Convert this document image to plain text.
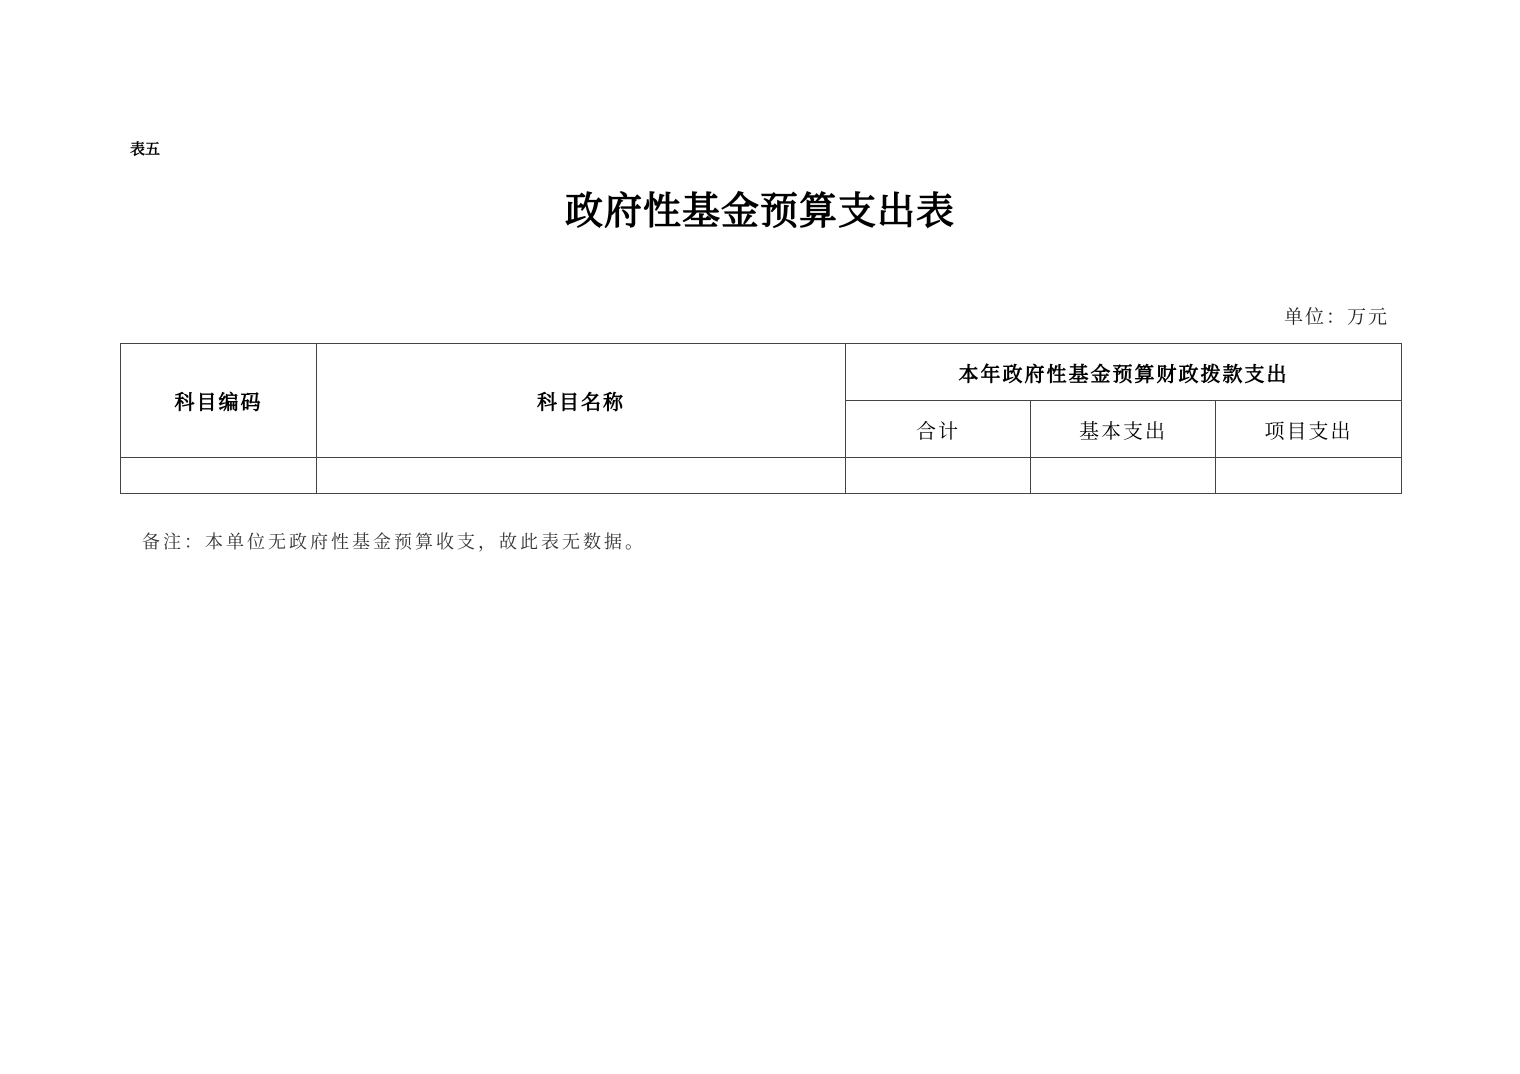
表五
政府性基金预算支出表
单位：万元
科目编码	科目名称	本年政府性基金预算财政拨款支出		
		合计	基本支出	项目支出

备注：本单位无政府性基金预算收支，故此表无数据。
